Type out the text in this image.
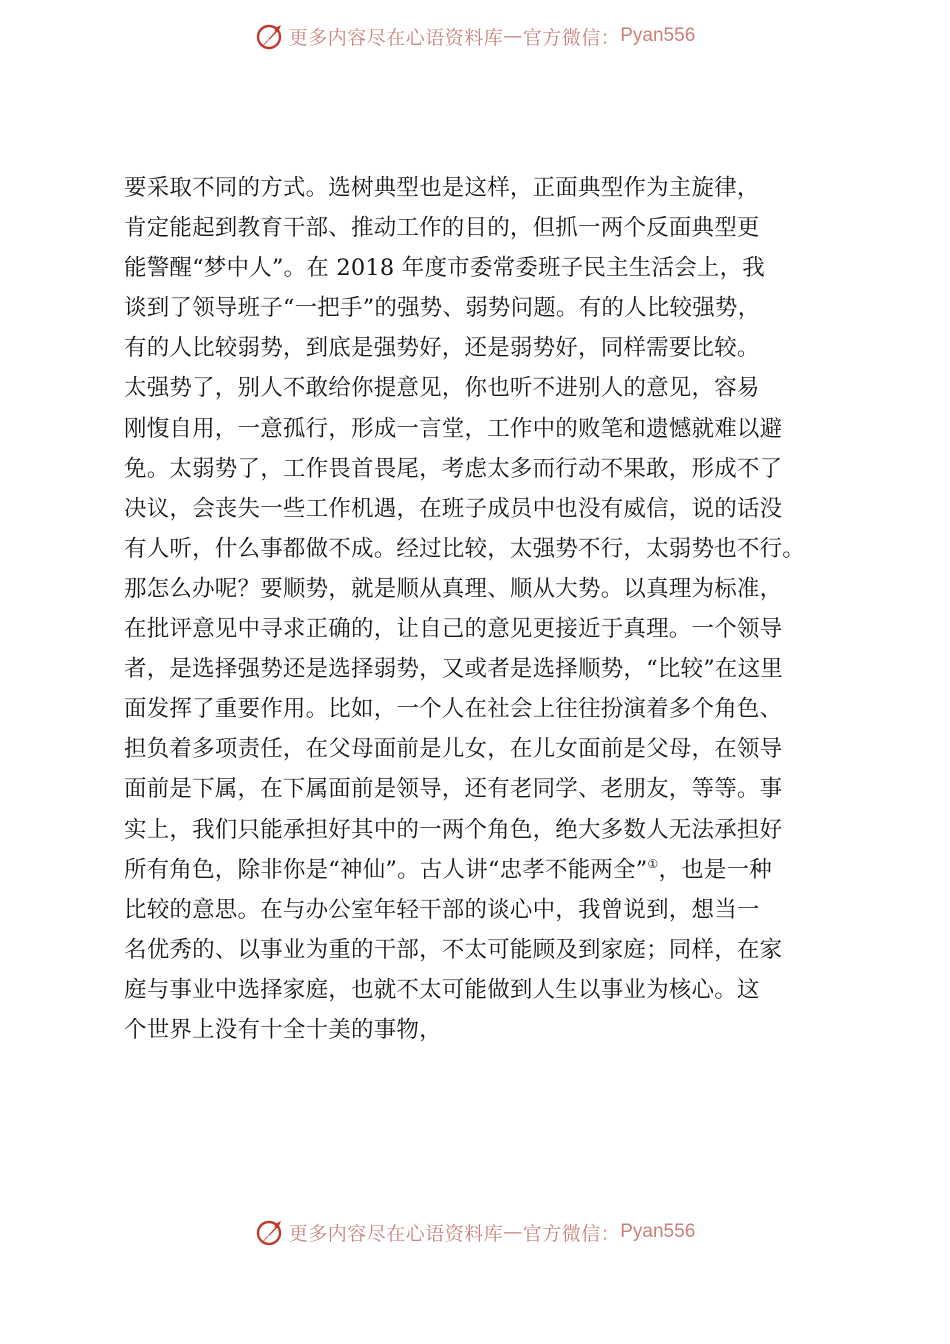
更多内容尽在心语资料库 — 官方微信： Pyan556
要采取不同的方式。选树典型也是这样，正面典型作为主旋律，
肯定能起到教育干部、推动工作的目的，但抓一两个反面典型更
能警醒“梦中人”。在 2018 年度市委常委班子民主生活会上，我
谈到了领导班子“一把手”的强势、弱势问题。有的人比较强势，
有的人比较弱势，到底是强势好，还是弱势好，同样需要比较。
太强势了，别人不敢给你提意见，你也听不进别人的意见，容易
刚愎自用，一意孤行，形成一言堂，工作中的败笔和遗憾就难以避
免。太弱势了，工作畏首畏尾，考虑太多而行动不果敢，形成不了
决议，会丧失一些工作机遇，在班子成员中也没有威信，说的话没
有人听，什么事都做不成。经过比较，太强势不行，太弱势也不行。
那怎么办呢？要顺势，就是顺从真理、顺从大势。以真理为标准，
在批评意见中寻求正确的，让自己的意见更接近于真理。一个领导
者，是选择强势还是选择弱势，又或者是选择顺势，“比较”在这里
面发挥了重要作用。比如，一个人在社会上往往扮演着多个角色、
担负着多项责任，在父母面前是儿女，在儿女面前是父母，在领导
面前是下属，在下属面前是领导，还有老同学、老朋友，等等。事
实上，我们只能承担好其中的一两个角色，绝大多数人无法承担好
所有角色，除非你是“神仙”。古人讲“忠孝不能两全”①，也是一种
比较的意思。在与办公室年轻干部的谈心中，我曾说到，想当一
名优秀的、以事业为重的干部，不太可能顾及到家庭；同样，在家
庭与事业中选择家庭，也就不太可能做到人生以事业为核心。这
个世界上没有十全十美的事物，
更多内容尽在心语资料库 — 官方微信： Pyan556
